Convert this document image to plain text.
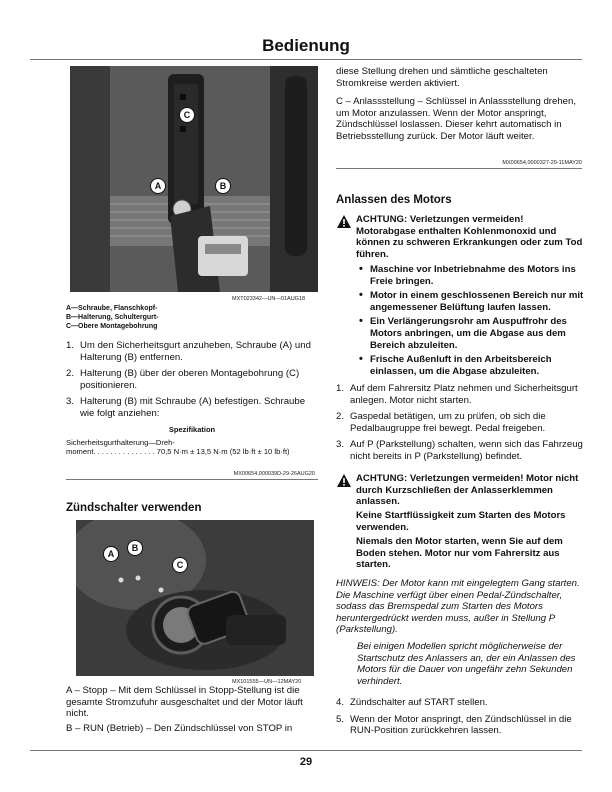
Bedienung
C
A	B
MXT023342—UN—01AUG18
A—Schraube, Flanschkopf-
B—Halterung, Schultergurt-
C—Obere Montagebohrung
1. Um den Sicherheitsgurt anzuheben, Schraube (A) und Halterung (B) entfernen.
2. Halterung (B) über der oberen Montagebohrung (C) positionieren.
3. Halterung (B) mit Schraube (A) befestigen. Schraube wie folgt anziehen:
Spezifikation
Sicherheitsgurthalterung—Dreh-
moment. . . . . . . . . . . . . . . 70,5 N·m ± 13,5 N·m (52 lb·ft ± 10 lb·ft)
MX00654,000039D-29-26AUG20
Zündschalter verwenden
A
B
C
MX101555—UN—12MAY20
A – Stopp – Mit dem Schlüssel in Stopp-Stellung ist die gesamte Stromzufuhr ausgeschaltet und der Motor läuft nicht.
B – RUN (Betrieb) – Den Zündschlüssel von STOP in
diese Stellung drehen und sämtliche geschalteten Stromkreise werden aktiviert.
C – Anlassstellung – Schlüssel in Anlassstellung drehen, um Motor anzulassen. Wenn der Motor anspringt, Zündschlüssel loslassen. Dieser kehrt automatisch in Betriebsstellung zurück. Der Motor läuft weiter.
MX00654,0000327-29-11MAY20
Anlassen des Motors
ACHTUNG: Verletzungen vermeiden! Motorabgase enthalten Kohlenmonoxid und können zu schweren Erkrankungen oder zum Tod führen.
• Maschine vor Inbetriebnahme des Motors ins Freie bringen.
• Motor in einem geschlossenen Bereich nur mit angemessener Belüftung laufen lassen.
• Ein Verlängerungsrohr am Auspuffrohr des Motors anbringen, um die Abgase aus dem Bereich abzuleiten.
• Frische Außenluft in den Arbeitsbereich einlassen, um die Abgase abzuleiten.
1. Auf dem Fahrersitz Platz nehmen und Sicherheitsgurt anlegen. Motor nicht starten.
2. Gaspedal betätigen, um zu prüfen, ob sich die Pedalbaugruppe frei bewegt. Pedal freigeben.
3. Auf P (Parkstellung) schalten, wenn sich das Fahrzeug nicht bereits in P (Parkstellung) befindet.
ACHTUNG: Verletzungen vermeiden! Motor nicht durch Kurzschließen der Anlasserklemmen anlassen.
Keine Startflüssigkeit zum Starten des Motors verwenden.
Niemals den Motor starten, wenn Sie auf dem Boden stehen. Motor nur vom Fahrersitz aus starten.
HINWEIS: Der Motor kann mit eingelegtem Gang starten. Die Maschine verfügt über einen Pedal-Zündschalter, sodass das Bremspedal zum Starten des Motors heruntergedrückt werden muss, außer in Stellung P (Parkstellung).
Bei einigen Modellen spricht möglicherweise der Startschutz des Anlassers an, der ein Anlassen des Motors für die Dauer von ungefähr zehn Sekunden verhindert.
4. Zündschalter auf START stellen.
5. Wenn der Motor anspringt, den Zündschlüssel in die RUN-Position zurückkehren lassen.
29
